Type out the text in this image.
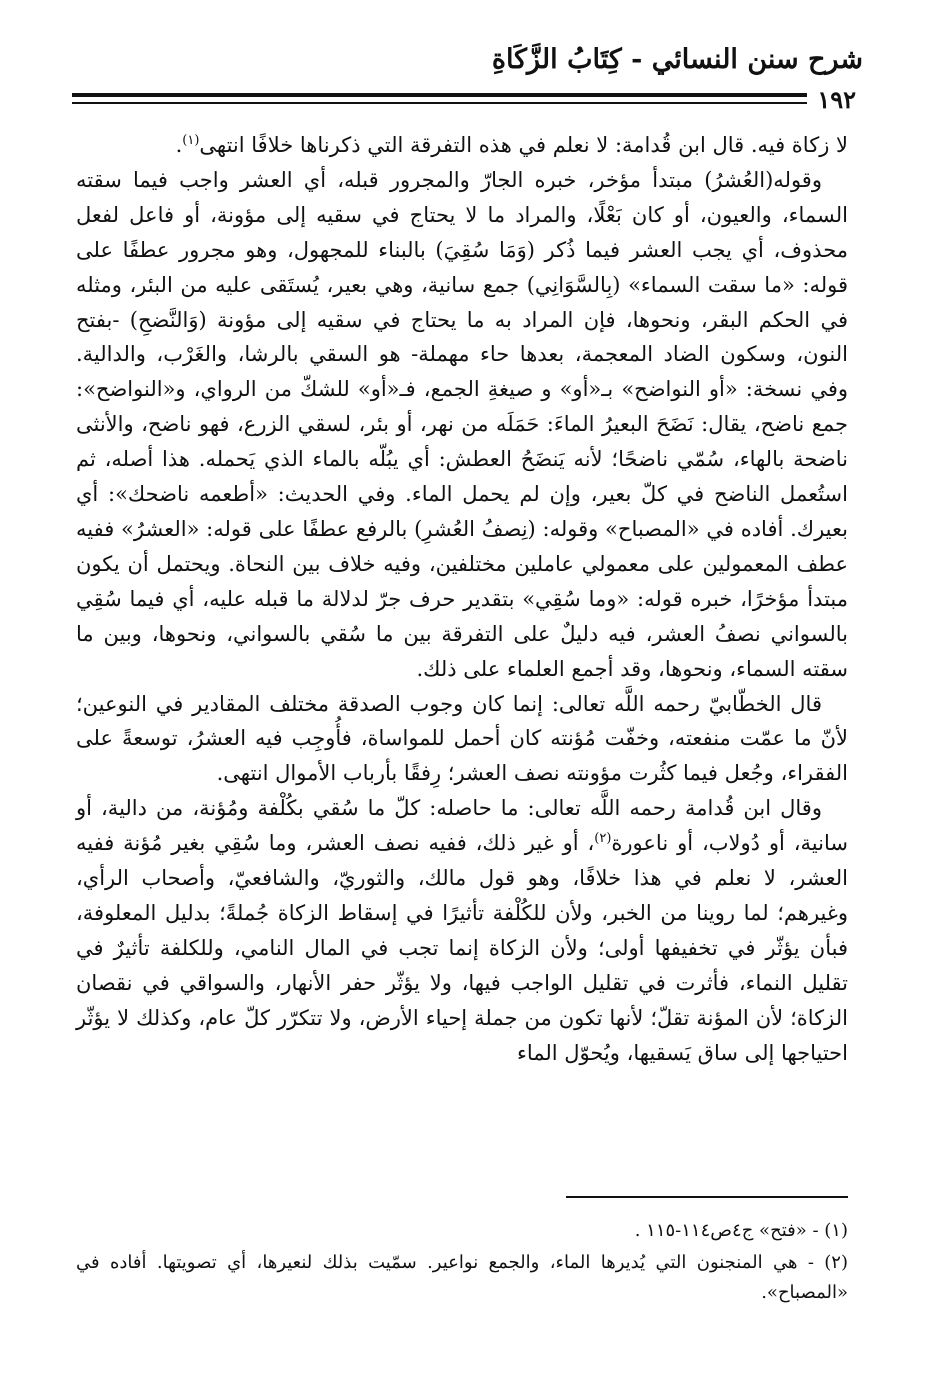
شرح سنن النسائي - كِتَابُ الزَّكَاةِ
١٩٢

لا زكاة فيه. قال ابن قُدامة: لا نعلم في هذه التفرقة التي ذكرناها خلافًا انتهى$^{(١)}$.

وقوله(العُشرُ) مبتدأ مؤخر، خبره الجارّ والمجرور قبله، أي العشر واجب فيما سقته السماء، والعيون، أو كان بَعْلًا، والمراد ما لا يحتاج في سقيه إلى مؤونة، أو فاعل لفعل محذوف، أي يجب العشر فيما ذُكر (وَمَا سُقِيَ) بالبناء للمجهول، وهو مجرور عطفًا على قوله: «ما سقت السماء» (بِالسَّوَانِي) جمع سانية، وهي بعير، يُستَقى عليه من البئر، ومثله في الحكم البقر، ونحوها، فإن المراد به ما يحتاج في سقيه إلى مؤونة (وَالنَّضحِ) -بفتح النون، وسكون الضاد المعجمة، بعدها حاء مهملة- هو السقي بالرشا، والغَرْب، والدالية. وفي نسخة: «أو النواضح» بـ«أو» و صيغةِ الجمع، فـ«أو» للشكّ من الرواي، و«النواضح»: جمع ناضح، يقال: نَضَحَ البعيرُ الماءَ: حَمَلَه من نهر، أو بئر، لسقي الزرع، فهو ناضح، والأنثى ناضحة بالهاء، سُمّي ناضحًا؛ لأنه يَنضَحُ العطش: أي يبُلّه بالماء الذي يَحمله. هذا أصله، ثم استُعمل الناضح في كلّ بعير، وإن لم يحمل الماء. وفي الحديث: «أطعمه ناضحك»: أي بعيرك. أفاده في «المصباح» وقوله: (نِصفُ العُشرِ) بالرفع عطفًا على قوله: «العشرُ» ففيه عطف المعمولين على معمولي عاملين مختلفين، وفيه خلاف بين النحاة. ويحتمل أن يكون مبتدأ مؤخرًا، خبره قوله: «وما سُقِي» بتقدير حرف جرّ لدلالة ما قبله عليه، أي فيما سُقِي بالسواني نصفُ العشر، فيه دليلٌ على التفرقة بين ما سُقي بالسواني، ونحوها، وبين ما سقته السماء، ونحوها، وقد أجمع العلماء على ذلك.

قال الخطّابيّ رحمه اللَّه تعالى: إنما كان وجوب الصدقة مختلف المقادير في النوعين؛ لأنّ ما عمّت منفعته، وخفّت مُؤنته كان أحمل للمواساة، فأُوجِب فيه العشرُ، توسعةً على الفقراء، وجُعل فيما كثُرت مؤونته نصف العشر؛ رِفقًا بأرباب الأموال انتهى.

وقال ابن قُدامة رحمه اللَّه تعالى: ما حاصله: كلّ ما سُقي بكُلْفة ومُؤنة، من دالية، أو سانية، أو دُولاب، أو ناعورة$^{(٢)}$، أو غير ذلك، ففيه نصف العشر، وما سُقِي بغير مُؤنة ففيه العشر، لا نعلم في هذا خلافًا، وهو قول مالك، والثوريّ، والشافعيّ، وأصحاب الرأي، وغيرهم؛ لما روينا من الخبر، ولأن للكُلْفة تأثيرًا في إسقاط الزكاة جُملةً؛ بدليل المعلوفة، فبأن يؤثّر في تخفيفها أولى؛ ولأن الزكاة إنما تجب في المال النامي، وللكلفة تأثيرٌ في تقليل النماء، فأثرت في تقليل الواجب فيها، ولا يؤثّر حفر الأنهار، والسواقي في نقصان الزكاة؛ لأن المؤنة تقلّ؛ لأنها تكون من جملة إحياء الأرض، ولا تتكرّر كلّ عام، وكذلك لا يؤثّر احتياجها إلى ساق يَسقيها، ويُحوّل الماء

(١) - «فتح» ج٤ص١١٤-١١٥ .

(٢) - هي المنجنون التي يُديرها الماء، والجمع نواعير. سمّيت بذلك لنعيرها، أي تصويتها. أفاده في «المصباح».
